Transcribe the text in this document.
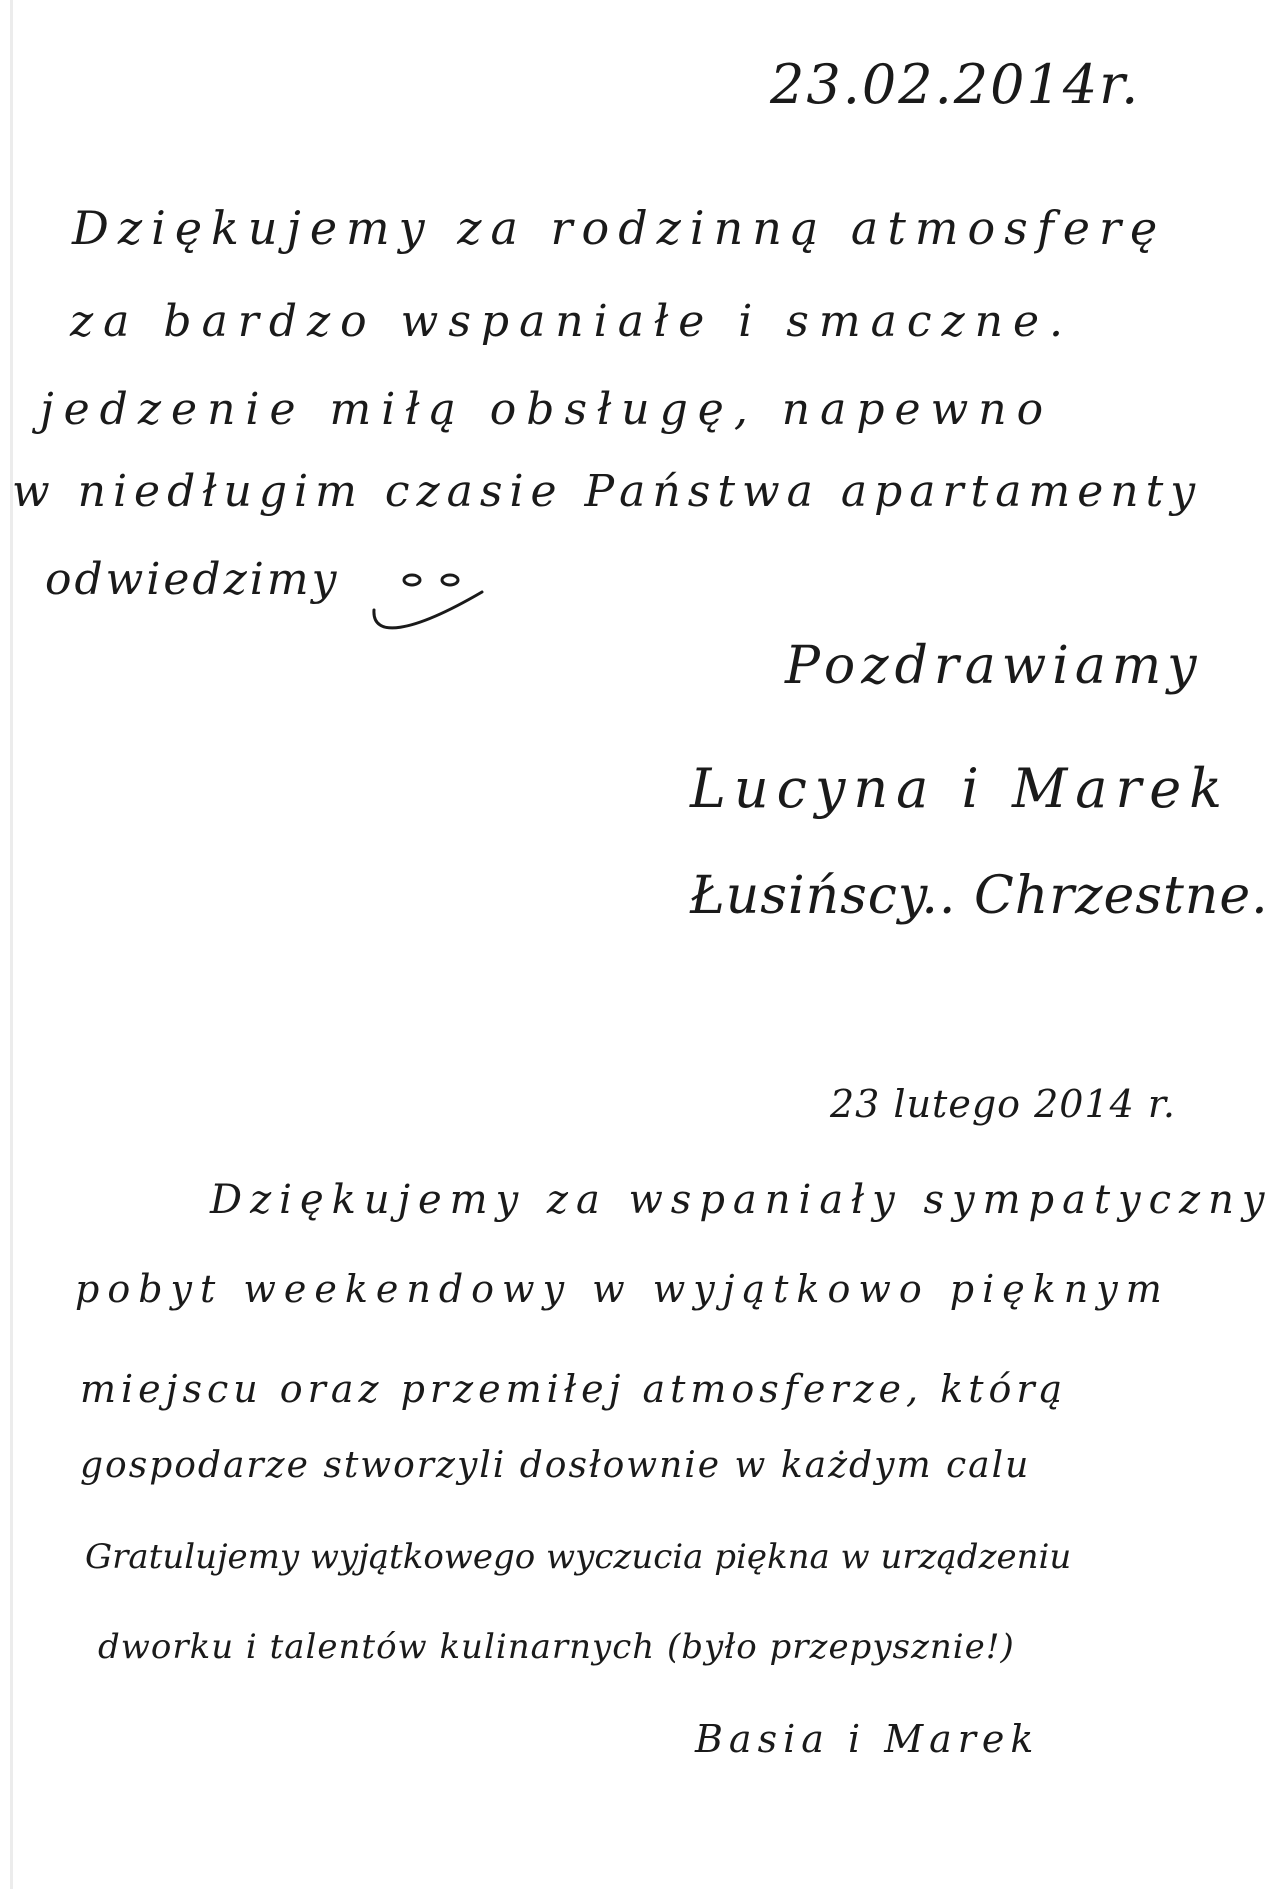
23.02.2014r.
Dziękujemy za rodzinną atmosferę
za bardzo wspaniałe i smaczne.
jedzenie miłą obsługę, napewno
w niedługim czasie Państwa apartamenty
odwiedzimy
Pozdrawiamy
Lucyna i Marek
Łusińscy.. Chrzestne.
23 lutego 2014 r.
Dziękujemy za wspaniały sympatyczny
pobyt weekendowy w wyjątkowo pięknym
miejscu oraz przemiłej atmosferze, którą
gospodarze stworzyli dosłownie w każdym calu
Gratulujemy wyjątkowego wyczucia piękna w urządzeniu
dworku i talentów kulinarnych (było przepysznie!)
Basia i Marek
